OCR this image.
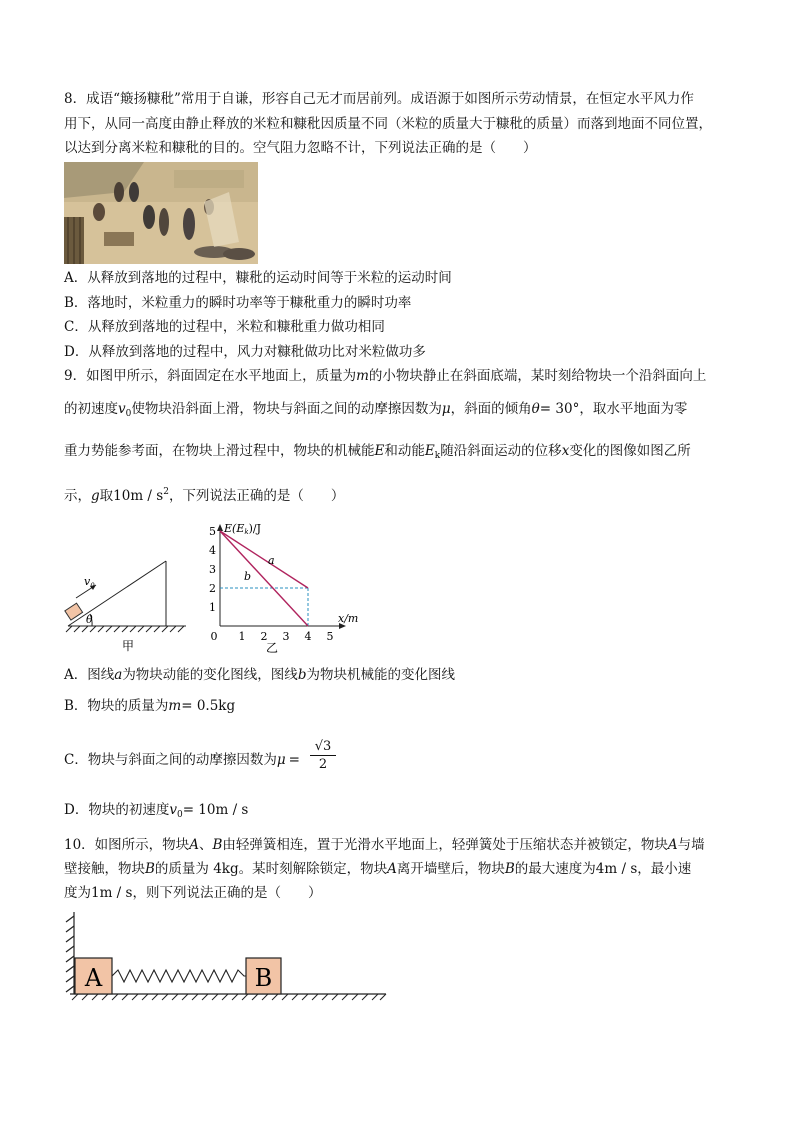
8．成语“簸扬糠秕”常用于自谦，形容自己无才而居前列。成语源于如图所示劳动情景，在恒定水平风力作
用下，从同一高度由静止释放的米粒和糠秕因质量不同（米粒的质量大于糠秕的质量）而落到地面不同位置，
以达到分离米粒和糠秕的目的。空气阻力忽略不计，下列说法正确的是（　　）
A．从释放到落地的过程中，糠秕的运动时间等于米粒的运动时间
B．落地时，米粒重力的瞬时功率等于糠秕重力的瞬时功率
C．从释放到落地的过程中，米粒和糠秕重力做功相同
D．从释放到落地的过程中，风力对糠秕做功比对米粒做功多
9．如图甲所示，斜面固定在水平地面上，质量为m的小物块静止在斜面底端，某时刻给物块一个沿斜面向上
的初速度$v_0$使物块沿斜面上滑，物块与斜面之间的动摩擦因数为μ，斜面的倾角θ= 30°，取水平地面为零
重力势能参考面，在物块上滑过程中，物块的机械能E和动能$E_k$随沿斜面运动的位移x变化的图像如图乙所
示，g取$10m / s^2$，下列说法正确的是（　　）
$v_0$
θ
甲
0 1 2 3 4 5
1
2
3
4
5 E(Ek)/J
x/m
a
b
乙
A．图线a为物块动能的变化图线，图线b为物块机械能的变化图线
B．物块的质量为m= 0.5kg
C．物块与斜面之间的动摩擦因数为$\mu = \frac{√3}{2}$
D．物块的初速度$v_0= 10m / s$
10．如图所示，物块A、B由轻弹簧相连，置于光滑水平地面上，轻弹簧处于压缩状态并被锁定，物块A与墙
壁接触，物块B的质量为 4kg。某时刻解除锁定，物块A离开墙壁后，物块B的最大速度为4m / s，最小速
度为1m / s，则下列说法正确的是（　　）
A	B
